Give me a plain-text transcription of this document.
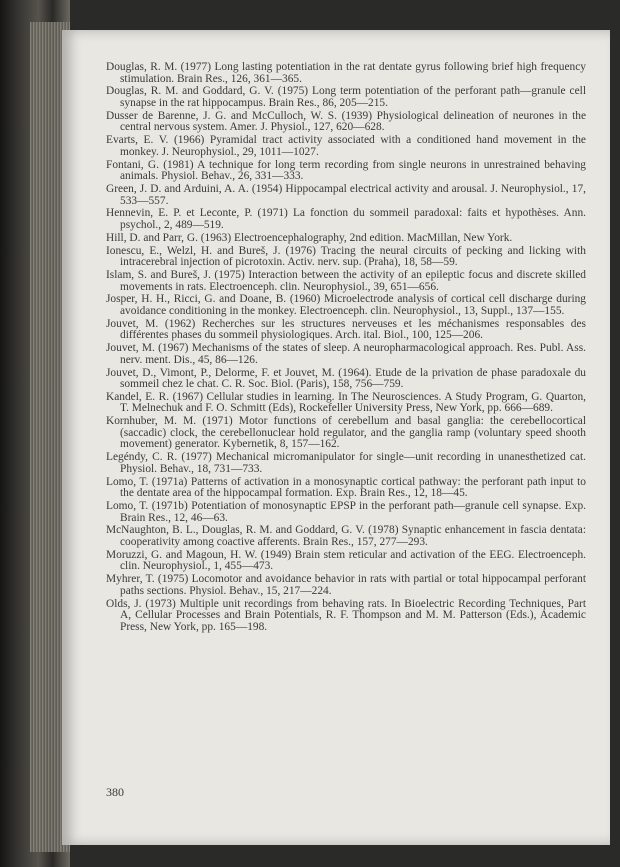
Douglas, R. M. (1977) Long lasting potentiation in the rat dentate gyrus following brief high frequency stimulation. Brain Res., 126, 361—365.

Douglas, R. M. and Goddard, G. V. (1975) Long term potentiation of the perforant path—granule cell synapse in the rat hippocampus. Brain Res., 86, 205—215.

Dusser de Barenne, J. G. and McCulloch, W. S. (1939) Physiological delineation of neurones in the central nervous system. Amer. J. Physiol., 127, 620—628.

Evarts, E. V. (1966) Pyramidal tract activity associated with a conditioned hand movement in the monkey. J. Neurophysiol., 29, 1011—1027.

Fontani, G. (1981) A technique for long term recording from single neurons in unrestrained behaving animals. Physiol. Behav., 26, 331—333.

Green, J. D. and Arduini, A. A. (1954) Hippocampal electrical activity and arousal. J. Neurophysiol., 17, 533—557.

Hennevin, E. P. et Leconte, P. (1971) La fonction du sommeil paradoxal: faits et hypothèses. Ann. psychol., 2, 489—519.

Hill, D. and Parr, G. (1963) Electroencephalography, 2nd edition. MacMillan, New York.

Ionescu, E., Welzl, H. and Bureš, J. (1976) Tracing the neural circuits of pecking and licking with intracerebral injection of picrotoxin. Activ. nerv. sup. (Praha), 18, 58—59.

Islam, S. and Bureš, J. (1975) Interaction between the activity of an epileptic focus and discrete skilled movements in rats. Electroenceph. clin. Neurophysiol., 39, 651—656.

Josper, H. H., Ricci, G. and Doane, B. (1960) Microelectrode analysis of cortical cell discharge during avoidance conditioning in the monkey. Electroenceph. clin. Neurophysiol., 13, Suppl., 137—155.

Jouvet, M. (1962) Recherches sur les structures nerveuses et les méchanismes responsables des différentes phases du sommeil physiologiques. Arch. ital. Biol., 100, 125—206.

Jouvet, M. (1967) Mechanisms of the states of sleep. A neuropharmacological approach. Res. Publ. Ass. nerv. ment. Dis., 45, 86—126.

Jouvet, D., Vimont, P., Delorme, F. et Jouvet, M. (1964). Etude de la privation de phase paradoxale du sommeil chez le chat. C. R. Soc. Biol. (Paris), 158, 756—759.

Kandel, E. R. (1967) Cellular studies in learning. In The Neurosciences. A Study Program, G. Quarton, T. Melnechuk and F. O. Schmitt (Eds), Rockefeller University Press, New York, pp. 666—689.

Kornhuber, M. M. (1971) Motor functions of cerebellum and basal ganglia: the cerebellocortical (saccadic) clock, the cerebellonuclear hold regulator, and the ganglia ramp (voluntary speed shooth movement) generator. Kybernetik, 8, 157—162.

Legéndy, C. R. (1977) Mechanical micromanipulator for single—unit recording in unanesthetized cat. Physiol. Behav., 18, 731—733.

Lomo, T. (1971a) Patterns of activation in a monosynaptic cortical pathway: the perforant path input to the dentate area of the hippocampal formation. Exp. Brain Res., 12, 18—45.

Lomo, T. (1971b) Potentiation of monosynaptic EPSP in the perforant path—granule cell synapse. Exp. Brain Res., 12, 46—63.

McNaughton, B. L., Douglas, R. M. and Goddard, G. V. (1978) Synaptic enhancement in fascia dentata: cooperativity among coactive afferents. Brain Res., 157, 277—293.

Moruzzi, G. and Magoun, H. W. (1949) Brain stem reticular and activation of the EEG. Electroenceph. clin. Neurophysiol., 1, 455—473.

Myhrer, T. (1975) Locomotor and avoidance behavior in rats with partial or total hippocampal perforant paths sections. Physiol. Behav., 15, 217—224.

Olds, J. (1973) Multiple unit recordings from behaving rats. In Bioelectric Recording Techniques, Part A, Cellular Processes and Brain Potentials, R. F. Thompson and M. M. Patterson (Eds.), Academic Press, New York, pp. 165—198.

380
